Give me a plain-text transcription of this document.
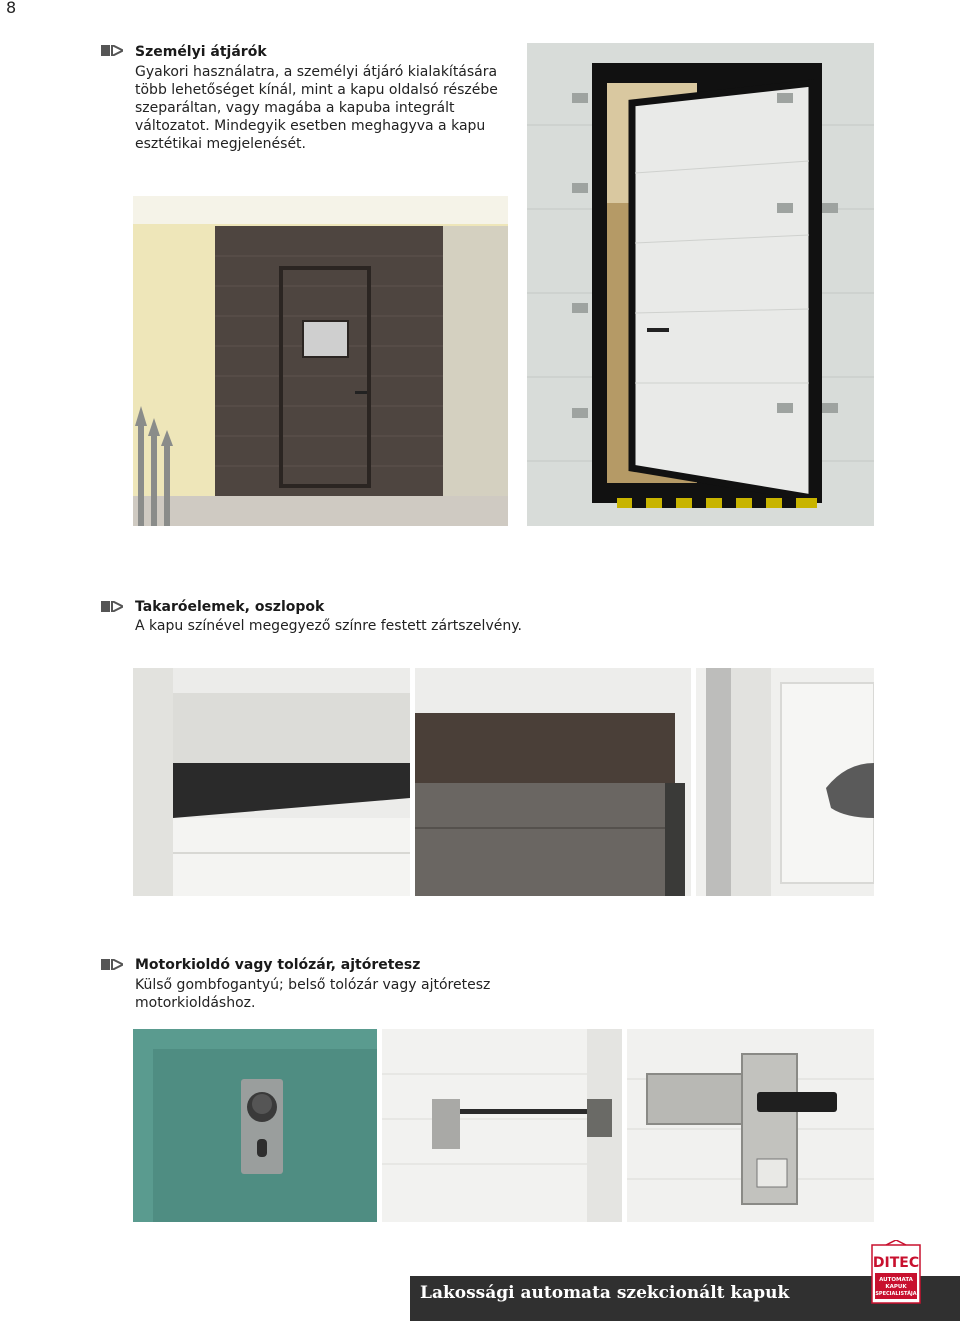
8
Személyi átjárók
Gyakori használatra, a személyi átjáró kialakítására
több lehetőséget kínál, mint a kapu oldalsó részébe
szeparáltan, vagy magába a kapuba integrált
változatot. Mindegyik esetben meghagyva a kapu
esztétikai megjelenését.
Takaróelemek, oszlopok
A kapu színével megegyező színre festett zártszelvény.
Motorkioldó vagy tolózár, ajtóretesz
Külső gombfogantyú; belső tolózár vagy ajtóretesz
motorkioldáshoz.
Lakossági automata szekcionált kapuk
DITEC
AUTOMATA
KAPUK
SPECIALISTÁJA
